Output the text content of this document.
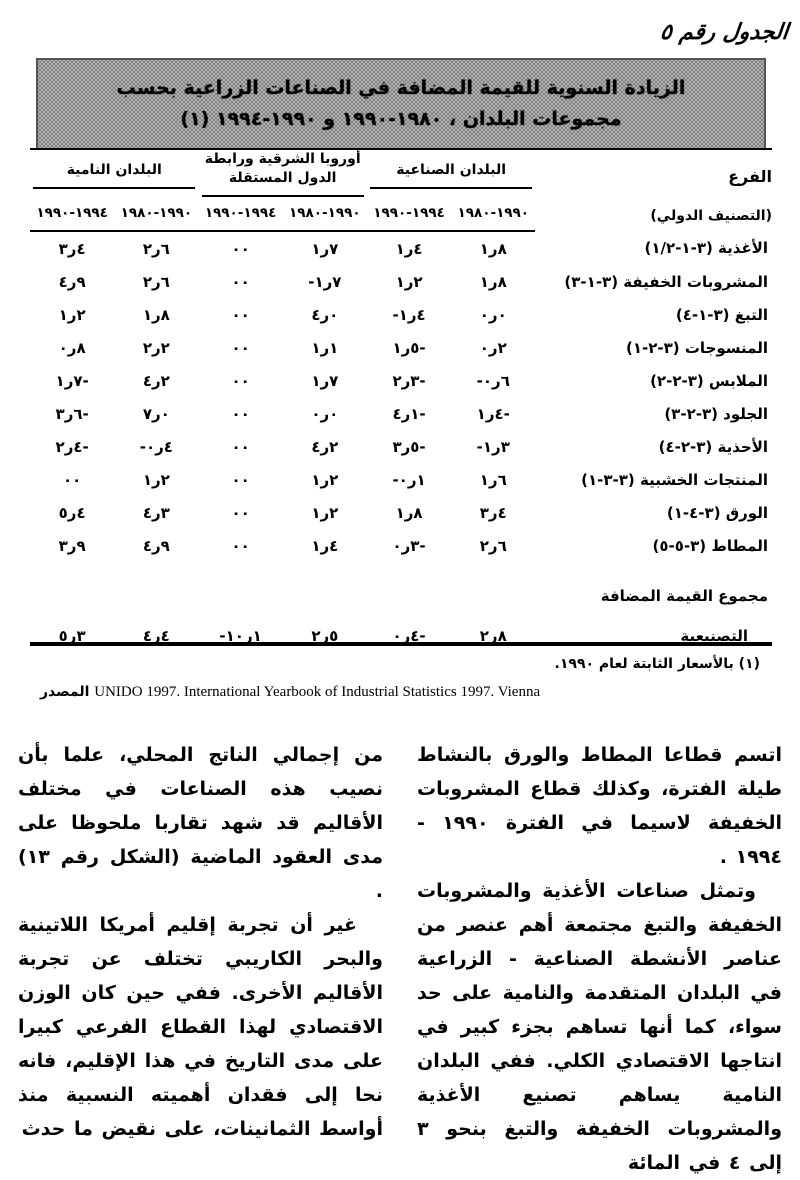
الجدول رقم ٥
الزيادة السنوية للقيمة المضافة في الصناعات الزراعية بحسب
مجموعات البلدان ، ١٩٨٠-١٩٩٠ و ١٩٩٠-١٩٩٤ (١)
الفرع
(التصنيف الدولي)	البلدان الصناعية		أوروبا الشرقية ورابطة الدول المستقلة		البلدان النامية	
	١٩٩٠-١٩٨٠	١٩٩٤-١٩٩٠	١٩٩٠-١٩٨٠	١٩٩٤-١٩٩٠	١٩٩٠-١٩٨٠	١٩٩٤-١٩٩٠
الأغذية (٣-١-١/٢)	١ر٨	١ر٤	١ر٧	٠٠	٢ر٦	٣ر٤
المشروبات الخفيفة (٣-١-٣)	١ر٨	١ر٢	-١ر٧	٠٠	٢ر٦	٤ر٩
التبغ (٣-١-٤)	٠ر٠	-١ر٤	٤ر٠	٠٠	١ر٨	١ر٢
المنسوجات (٣-٢-١)	٠ر٢	١ر٥-	١ر١	٠٠	٢ر٢	٠ر٨
الملابس (٣-٢-٢)	-٠ر٦	٢ر٣-	١ر٧	٠٠	٤ر٢	١ر٧-
الجلود (٣-٢-٣)	١ر٤-	٤ر١-	٠ر٠	٠٠	٧ر٠	٣ر٦-
الأحذية (٣-٢-٤)	-١ر٣	٣ر٥-	٤ر٢	٠٠	-٠ر٤	٢ر٤-
المنتجات الخشبية (٣-٣-١)	١ر٦	-٠ر١	١ر٢	٠٠	١ر٢	٠٠
الورق (٣-٤-١)	٣ر٤	١ر٨	١ر٢	٠٠	٤ر٣	٥ر٤
المطاط (٣-٥-٥)	٢ر٦	٠ر٣-	١ر٤	٠٠	٤ر٩	٣ر٩
مجموع القيمة المضافة						
التصنيعية	٢ر٨	٠ر٤-	٢ر٥	-١٠ر١	٤ر٤	٥ر٣
(١) بالأسعار الثابتة لعام ١٩٩٠.
UNIDO 1997. International Yearbook of Industrial Statistics 1997. Vienna المصدر

اتسم قطاعا المطاط والورق بالنشاط طيلة الفترة، وكذلك قطاع المشروبات الخفيفة لاسيما في الفترة ١٩٩٠ - ١٩٩٤ .

وتمثل صناعات الأغذية والمشروبات الخفيفة والتبغ مجتمعة أهم عنصر من عناصر الأنشطة الصناعية - الزراعية في البلدان المتقدمة والنامية على حد سواء، كما أنها تساهم بجزء كبير في انتاجها الاقتصادي الكلي. ففي البلدان النامية يساهم تصنيع الأغذية والمشروبات الخفيفة والتبغ بنحو ٣ إلى ٤ في المائة

من إجمالي الناتج المحلي، علما بأن نصيب هذه الصناعات في مختلف الأقاليم قد شهد تقاربا ملحوظا على مدى العقود الماضية (الشكل رقم ١٣) .

غير أن تجربة إقليم أمريكا اللاتينية والبحر الكاريبي تختلف عن تجربة الأقاليم الأخرى. ففي حين كان الوزن الاقتصادي لهذا القطاع الفرعي كبيرا على مدى التاريخ في هذا الإقليم، فانه نحا إلى فقدان أهميته النسبية منذ أواسط الثمانينات، على نقيض ما حدث
